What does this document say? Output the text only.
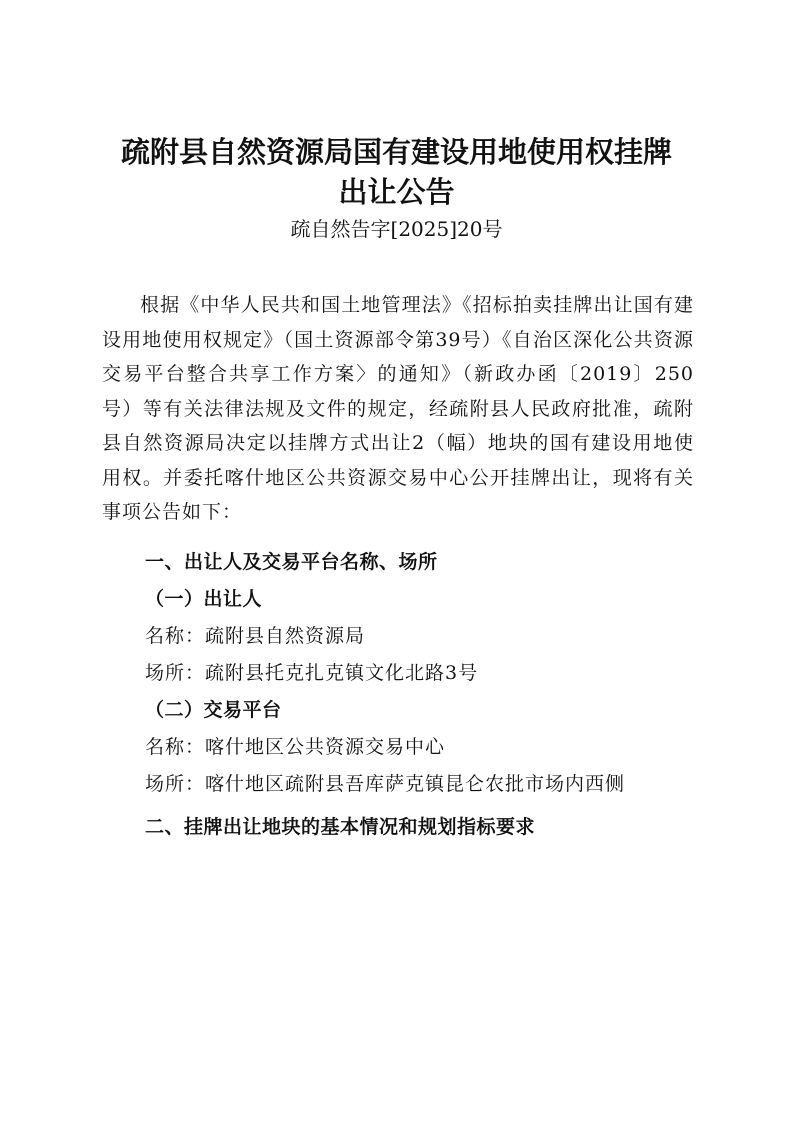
疏附县自然资源局国有建设用地使用权挂牌
出让公告
疏自然告字[2025]20号
根据《中华人民共和国土地管理法》《招标拍卖挂牌出让国有建设用地使用权规定》（国土资源部令第39号）《自治区深化公共资源交易平台整合共享工作方案〉的通知》（新政办函〔2019〕250号）等有关法律法规及文件的规定，经疏附县人民政府批准，疏附县自然资源局决定以挂牌方式出让2（幅）地块的国有建设用地使用权。并委托喀什地区公共资源交易中心公开挂牌出让，现将有关事项公告如下：
一、出让人及交易平台名称、场所
（一）出让人
名称：疏附县自然资源局
场所：疏附县托克扎克镇文化北路3号
（二）交易平台
名称：喀什地区公共资源交易中心
场所：喀什地区疏附县吾库萨克镇昆仑农批市场内西侧
二、挂牌出让地块的基本情况和规划指标要求
